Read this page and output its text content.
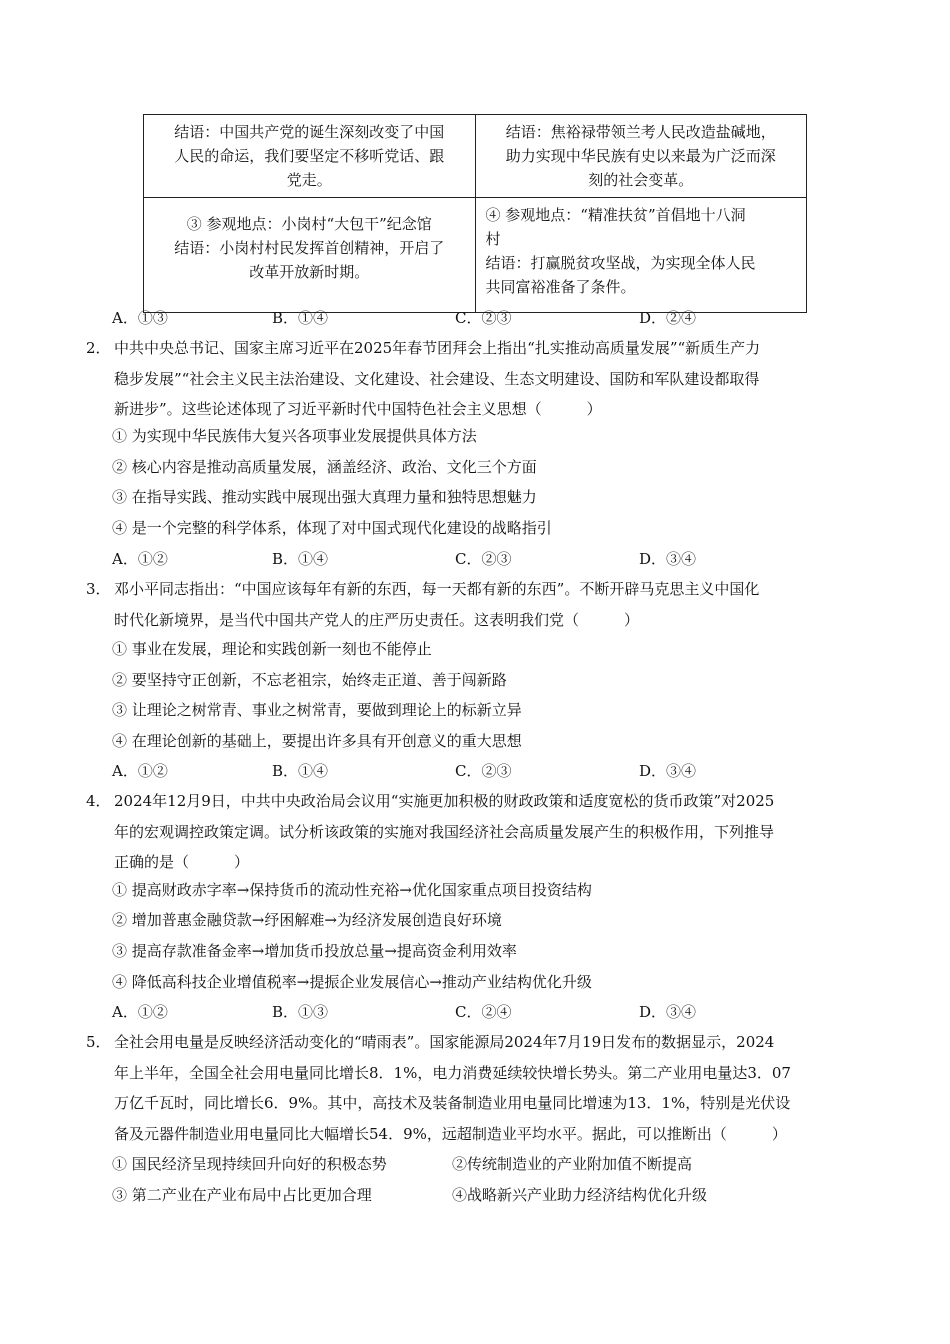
结语：中国共产党的诞生深刻改变了中国
人民的命运，我们要坚定不移听党话、跟
党走。	结语：焦裕禄带领兰考人民改造盐碱地，
助力实现中华民族有史以来最为广泛而深
刻的社会变革。

③ 参观地点：小岗村“大包干”纪念馆
结语：小岗村村民发挥首创精神，开启了
改革开放新时期。	④ 参观地点：“精准扶贫”首倡地十八洞
村
结语：打赢脱贫攻坚战，为实现全体人民
共同富裕准备了条件。
A．①③	B．①④	C．②③	D．②④
2． 中共中央总书记、国家主席习近平在2025年春节团拜会上指出“扎实推动高质量发展”“新质生产力
稳步发展”“社会主义民主法治建设、文化建设、社会建设、生态文明建设、国防和军队建设都取得
新进步”。这些论述体现了习近平新时代中国特色社会主义思想（　　　）
① 为实现中华民族伟大复兴各项事业发展提供具体方法
② 核心内容是推动高质量发展，涵盖经济、政治、文化三个方面
③ 在指导实践、推动实践中展现出强大真理力量和独特思想魅力
④ 是一个完整的科学体系，体现了对中国式现代化建设的战略指引
A．①②	B．①④	C．②③	D．③④
3． 邓小平同志指出：“中国应该每年有新的东西，每一天都有新的东西”。不断开辟马克思主义中国化
时代化新境界，是当代中国共产党人的庄严历史责任。这表明我们党（　　　）
① 事业在发展，理论和实践创新一刻也不能停止
② 要坚持守正创新，不忘老祖宗，始终走正道、善于闯新路
③ 让理论之树常青、事业之树常青，要做到理论上的标新立异
④ 在理论创新的基础上，要提出许多具有开创意义的重大思想
A．①②	B．①④	C．②③	D．③④
4． 2024年12月9日，中共中央政治局会议用“实施更加积极的财政政策和适度宽松的货币政策”对2025
年的宏观调控政策定调。试分析该政策的实施对我国经济社会高质量发展产生的积极作用，下列推导
正确的是（　　　）
① 提高财政赤字率→保持货币的流动性充裕→优化国家重点项目投资结构
② 增加普惠金融贷款→纾困解难→为经济发展创造良好环境
③ 提高存款准备金率→增加货币投放总量→提高资金利用效率
④ 降低高科技企业增值税率→提振企业发展信心→推动产业结构优化升级
A．①②	B．①③	C．②④	D．③④
5． 全社会用电量是反映经济活动变化的“晴雨表”。国家能源局2024年7月19日发布的数据显示，2024
年上半年，全国全社会用电量同比增长8．1%，电力消费延续较快增长势头。第二产业用电量达3．07
万亿千瓦时，同比增长6．9%。其中，高技术及装备制造业用电量同比增速为13．1%，特别是光伏设
备及元器件制造业用电量同比大幅增长54．9%，远超制造业平均水平。据此，可以推断出（　　　）
① 国民经济呈现持续回升向好的积极态势	②传统制造业的产业附加值不断提高
③ 第二产业在产业布局中占比更加合理	④战略新兴产业助力经济结构优化升级
